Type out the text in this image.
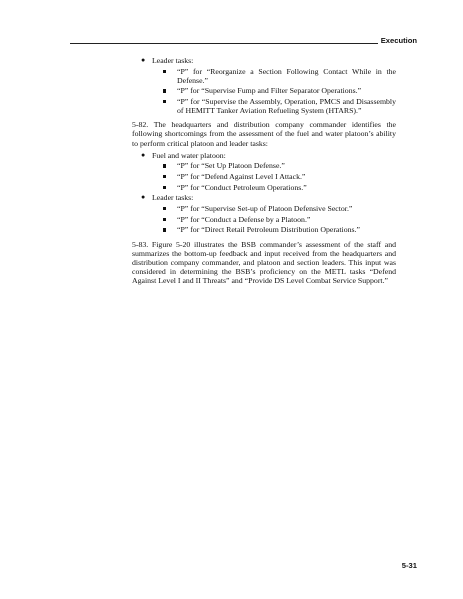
Execution
● Leader tasks:
“P” for “Reorganize a Section Following Contact While in the Defense.”
“P” for “Supervise Fump and Filter Separator Operations.”
“P” for “Supervise the Assembly, Operation, PMCS and Disassembly of HEMITT Tanker Aviation Refueling System (HTARS).”

5-82. The headquarters and distribution company commander identifies the following shortcomings from the assessment of the fuel and water platoon’s ability to perform critical platoon and leader tasks:

● Fuel and water platoon:
“P” for “Set Up Platoon Defense.”
“P” for “Defend Against Level I Attack.”
“P” for “Conduct Petroleum Operations.”
● Leader tasks:
“P” for “Supervise Set-up of Platoon Defensive Sector.”
“P” for “Conduct a Defense by a Platoon.”
“P” for “Direct Retail Petroleum Distribution Operations.”

5-83. Figure 5-20 illustrates the BSB commander’s assessment of the staff and summarizes the bottom-up feedback and input received from the headquarters and distribution company commander, and platoon and section leaders. This input was considered in determining the BSB’s proficiency on the METL tasks “Defend Against Level I and II Threats” and “Provide DS Level Combat Service Support.”

5-31
